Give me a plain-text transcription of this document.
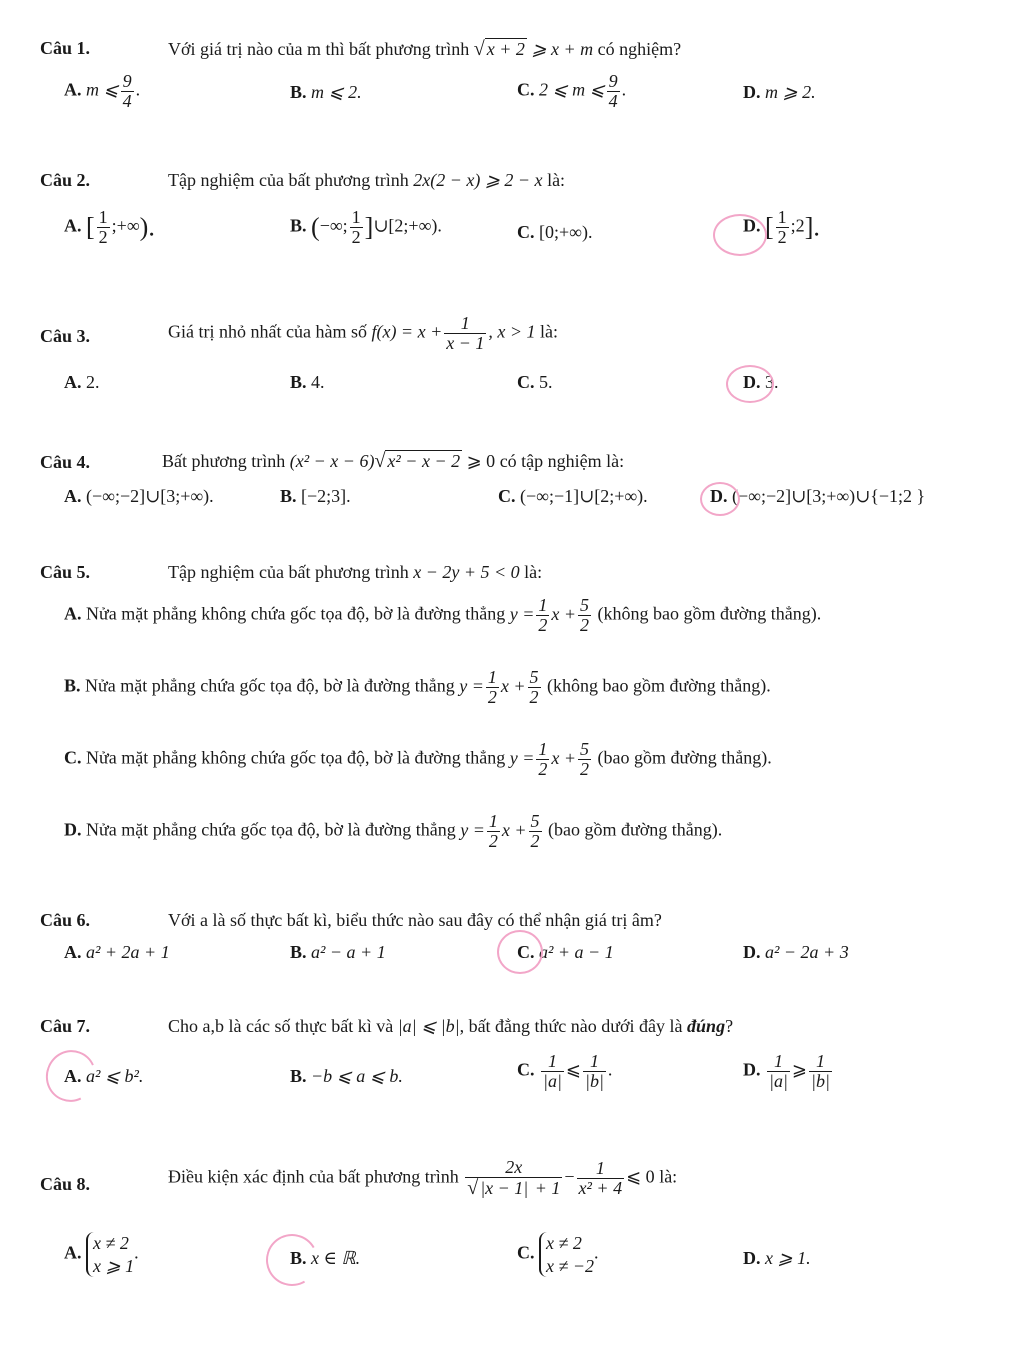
Câu 1.	Với giá trị nào của m thì bất phương trình √ x + 2 ⩾ x + m có nghiệm?
A. m ⩽ $\frac{9}{4}$ .	B. m ⩽ 2.	C. 2 ⩽ m ⩽ $\frac{9}{4}$ .	D. m ⩾ 2.
Câu 2.	Tập nghiệm của bất phương trình 2x(2 − x) ⩾ 2 − x là:
A. [ $\frac{1}{2}$ ;+∞).	B. (−∞; $\frac{1}{2}$ ]∪[2;+∞).	C. [0;+∞).	D. [ $\frac{1}{2}$ ;2].
Câu 3.	Giá trị nhỏ nhất của hàm số $f(x) = x + \frac{1}{x - 1}$ , x > 1 là:
A. 2.	B. 4.	C. 5.	D. 3.
Câu 4.	Bất phương trình (x² − x − 6)√ x² − x − 2 ⩾ 0 có tập nghiệm là:
A. (−∞;−2]∪[3;+∞).	B. [−2;3].	C. (−∞;−1]∪[2;+∞).	D. (−∞;−2]∪[3;+∞)∪{−1;2 }
Câu 5.	Tập nghiệm của bất phương trình x − 2y + 5 < 0 là:
A. Nửa mặt phẳng không chứa gốc tọa độ, bờ là đường thẳng $y = \frac{1}{2}$ $x + \frac{5}{2}$ (không bao gồm đường thẳng).
B. Nửa mặt phẳng chứa gốc tọa độ, bờ là đường thẳng $y = \frac{1}{2}$ $x + \frac{5}{2}$ (không bao gồm đường thẳng).
C. Nửa mặt phẳng không chứa gốc tọa độ, bờ là đường thẳng $y = \frac{1}{2}$ $x + \frac{5}{2} (bao$ gồm đường thẳng).
D. Nửa mặt phẳng chứa gốc tọa độ, bờ là đường thẳng $y = \frac{1}{2}$ $x + \frac{5}{2} (bao$ gồm đường thẳng).
Câu 6.	Với a là số thực bất kì, biểu thức nào sau đây có thể nhận giá trị âm?
A. a² + 2a + 1	B. a² − a + 1	C. a² + a − 1	D. a² − 2a + 3
Câu 7.	Cho a,b là các số thực bất kì và |a| ⩽ |b|, bất đẳng thức nào dưới đây là đúng?
A. a² ⩽ b².	B. −b ⩽ a ⩽ b.	C. $\frac{1}{|a|}$ ⩽ $\frac{1}{|b|}$ .	D. $\frac{1}{|a|}$ ⩾ $\frac{1}{|b|}$
Câu 8.	Điều kiện xác định của bất phương trình $\frac{2x}{√ |x - 1| + 1} - \frac{1}{\text{x² + 4}}$ ⩽ 0 là:
A. x ≠ 2
x ⩾ 1
.	B. x ∈ ℝ.	C. x ≠ 2
x ≠ −2
.	D. x ⩾ 1.
